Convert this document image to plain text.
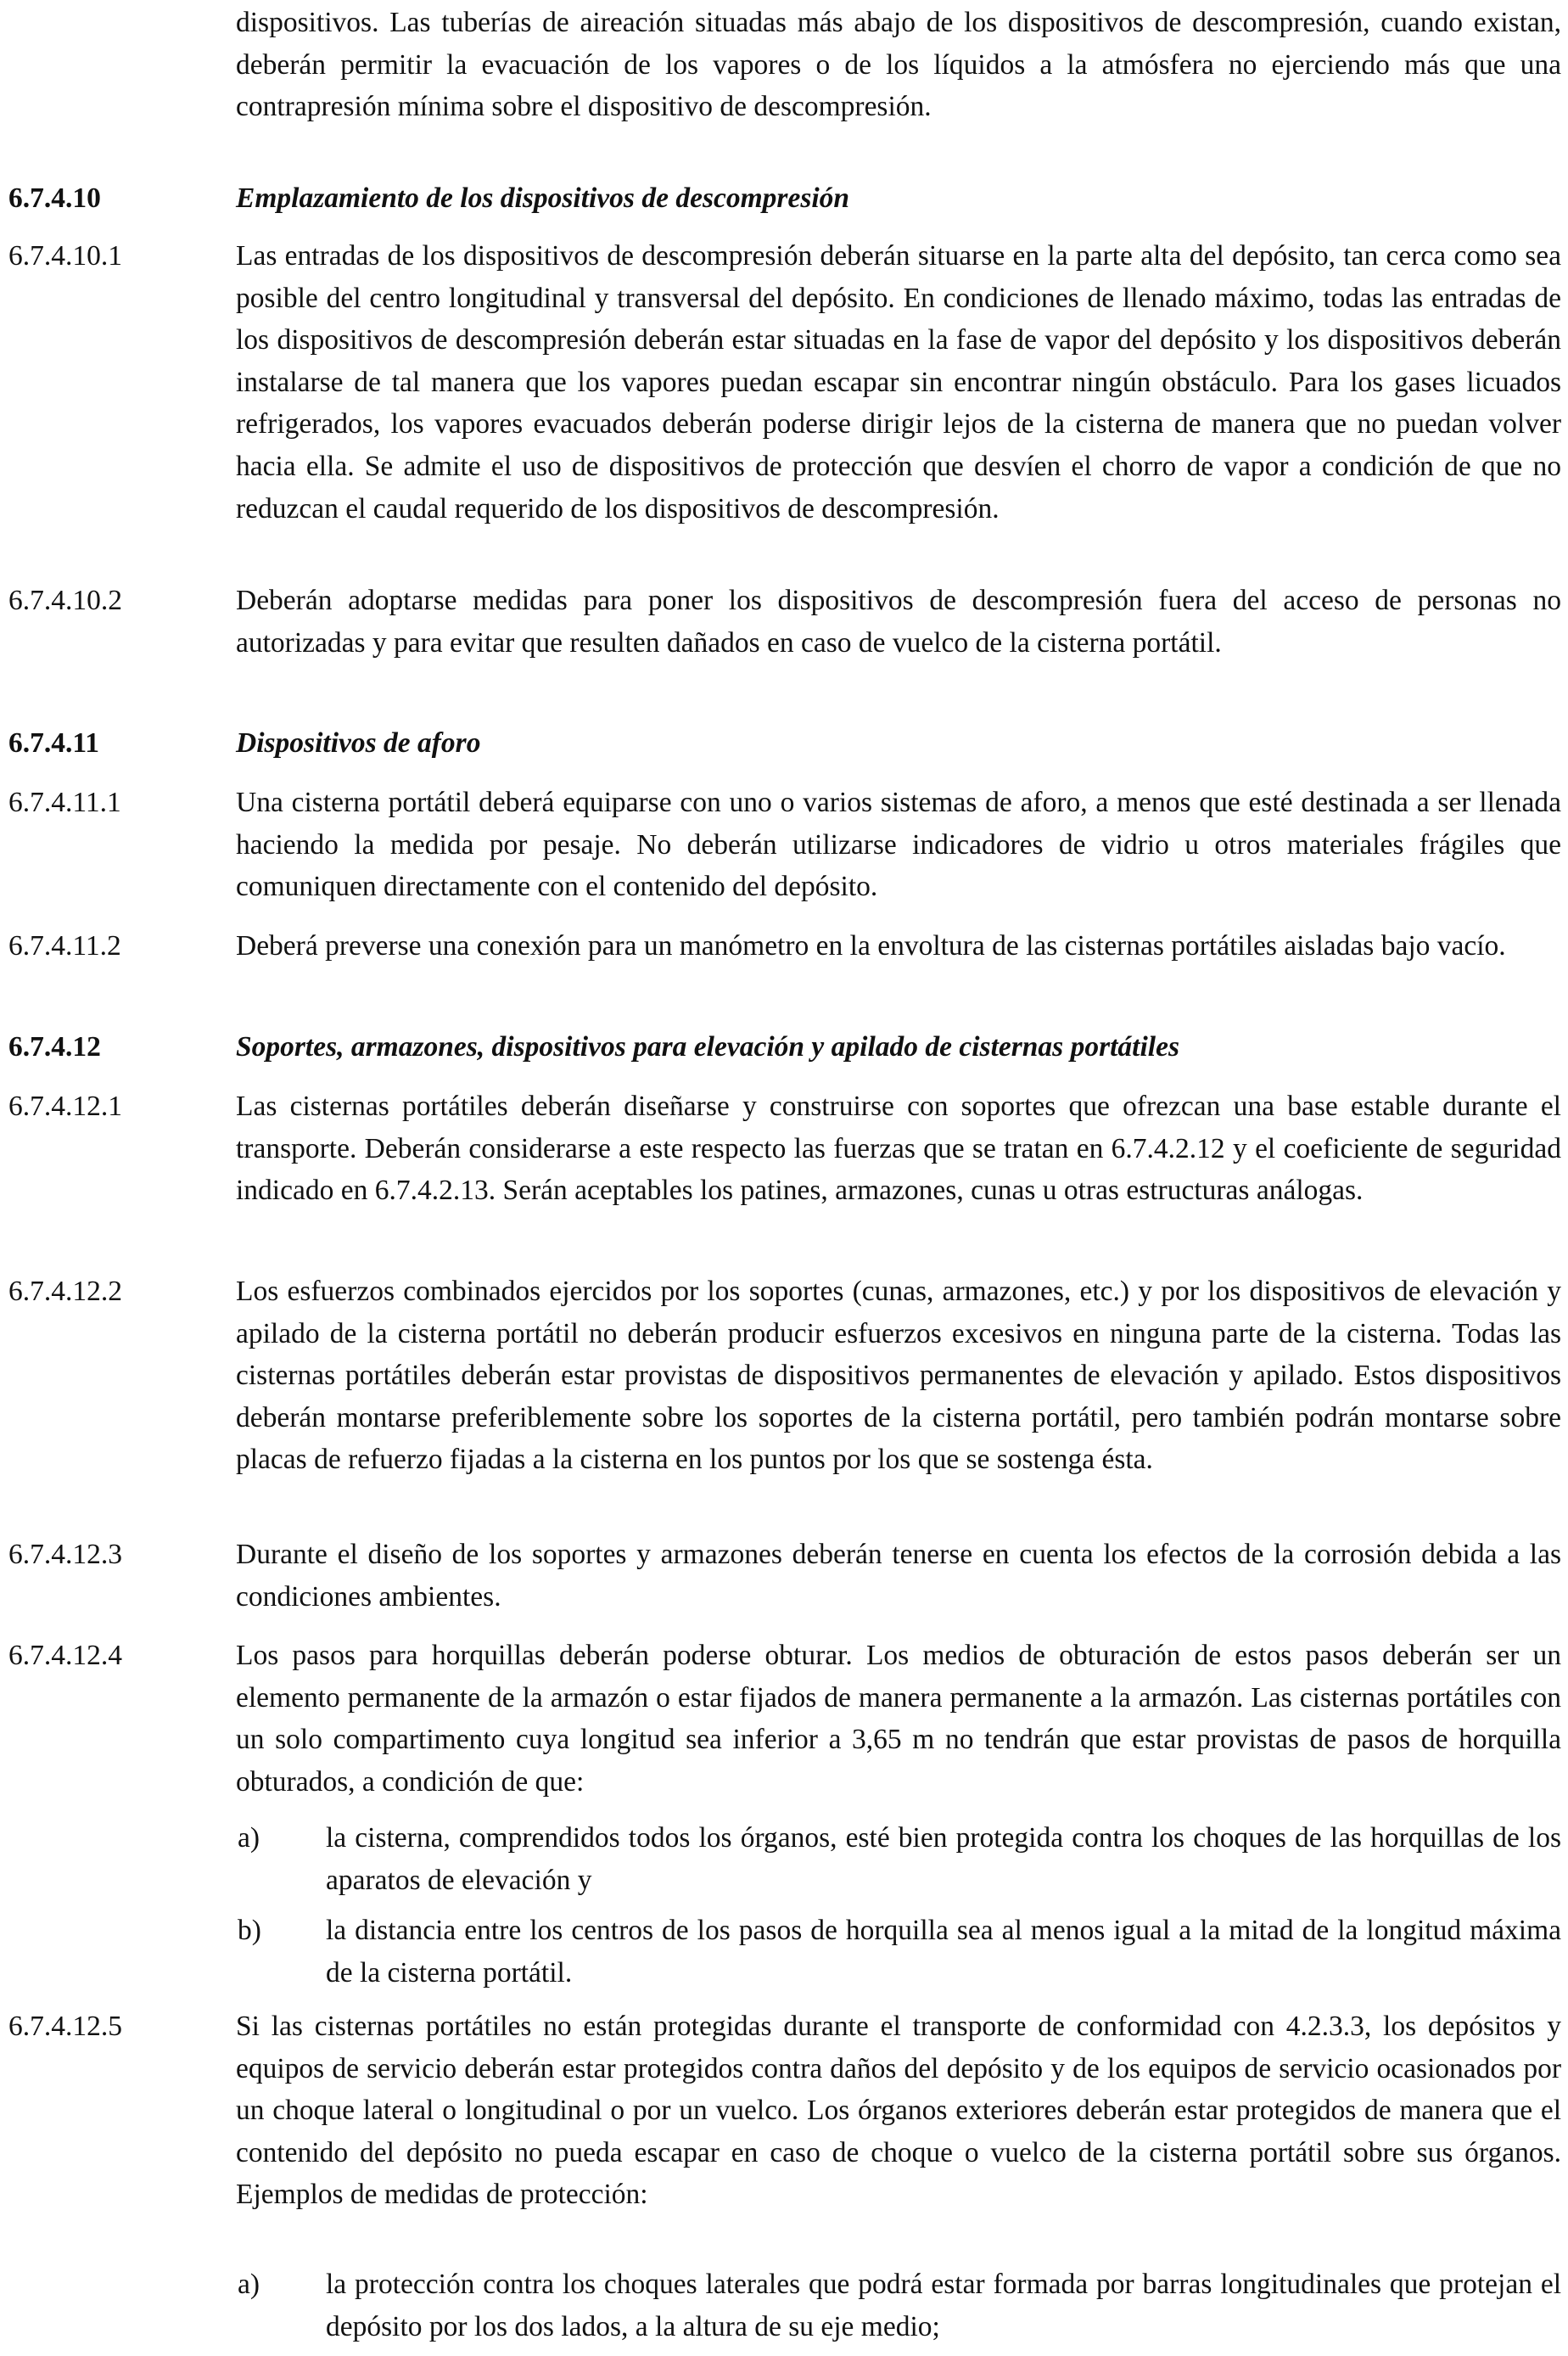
dispositivos. Las tuberías de aireación situadas más abajo de los dispositivos de descompresión, cuando existan, deberán permitir la evacuación de los vapores o de los líquidos a la atmósfera no ejerciendo más que una contrapresión mínima sobre el dispositivo de descompresión.
6.7.4.10	Emplazamiento de los dispositivos de descompresión
6.7.4.10.1	Las entradas de los dispositivos de descompresión deberán situarse en la parte alta del depósito, tan cerca como sea posible del centro longitudinal y transversal del depósito. En condiciones de llenado máximo, todas las entradas de los dispositivos de descompresión deberán estar situadas en la fase de vapor del depósito y los dispositivos deberán instalarse de tal manera que los vapores puedan escapar sin encontrar ningún obstáculo. Para los gases licuados refrigerados, los vapores evacuados deberán poderse dirigir lejos de la cisterna de manera que no puedan volver hacia ella. Se admite el uso de dispositivos de protección que desvíen el chorro de vapor a condición de que no reduzcan el caudal requerido de los dispositivos de descompresión.
6.7.4.10.2	Deberán adoptarse medidas para poner los dispositivos de descompresión fuera del acceso de personas no autorizadas y para evitar que resulten dañados en caso de vuelco de la cisterna portátil.
6.7.4.11	Dispositivos de aforo
6.7.4.11.1	Una cisterna portátil deberá equiparse con uno o varios sistemas de aforo, a menos que esté destinada a ser llenada haciendo la medida por pesaje. No deberán utilizarse indicadores de vidrio u otros materiales frágiles que comuniquen directamente con el contenido del depósito.
6.7.4.11.2	Deberá preverse una conexión para un manómetro en la envoltura de las cisternas portátiles aisladas bajo vacío.
6.7.4.12	Soportes, armazones, dispositivos para elevación y apilado de cisternas portátiles
6.7.4.12.1	Las cisternas portátiles deberán diseñarse y construirse con soportes que ofrezcan una base estable durante el transporte. Deberán considerarse a este respecto las fuerzas que se tratan en 6.7.4.2.12 y el coeficiente de seguridad indicado en 6.7.4.2.13. Serán aceptables los patines, armazones, cunas u otras estructuras análogas.
6.7.4.12.2	Los esfuerzos combinados ejercidos por los soportes (cunas, armazones, etc.) y por los dispositivos de elevación y apilado de la cisterna portátil no deberán producir esfuerzos excesivos en ninguna parte de la cisterna. Todas las cisternas portátiles deberán estar provistas de dispositivos permanentes de elevación y apilado. Estos dispositivos deberán montarse preferiblemente sobre los soportes de la cisterna portátil, pero también podrán montarse sobre placas de refuerzo fijadas a la cisterna en los puntos por los que se sostenga ésta.
6.7.4.12.3	Durante el diseño de los soportes y armazones deberán tenerse en cuenta los efectos de la corrosión debida a las condiciones ambientes.
6.7.4.12.4	Los pasos para horquillas deberán poderse obturar. Los medios de obturación de estos pasos deberán ser un elemento permanente de la armazón o estar fijados de manera permanente a la armazón. Las cisternas portátiles con un solo compartimento cuya longitud sea inferior a 3,65 m no tendrán que estar provistas de pasos de horquilla obturados, a condición de que:
a) la cisterna, comprendidos todos los órganos, esté bien protegida contra los choques de las horquillas de los aparatos de elevación y
b) la distancia entre los centros de los pasos de horquilla sea al menos igual a la mitad de la longitud máxima de la cisterna portátil.
6.7.4.12.5	Si las cisternas portátiles no están protegidas durante el transporte de conformidad con 4.2.3.3, los depósitos y equipos de servicio deberán estar protegidos contra daños del depósito y de los equipos de servicio ocasionados por un choque lateral o longitudinal o por un vuelco. Los órganos exteriores deberán estar protegidos de manera que el contenido del depósito no pueda escapar en caso de choque o vuelco de la cisterna portátil sobre sus órganos. Ejemplos de medidas de protección:
a) la protección contra los choques laterales que podrá estar formada por barras longitudinales que protejan el depósito por los dos lados, a la altura de su eje medio;
